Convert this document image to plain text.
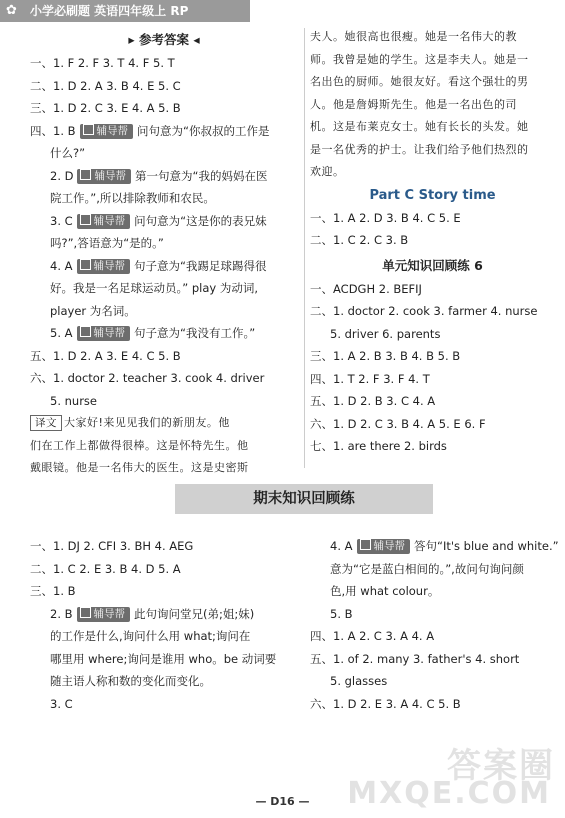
✿	小学必刷题 英语四年级上 RP
▸ 参考答案 ◂
一、1. F 2. F 3. T 4. F 5. T
二、1. D 2. A 3. B 4. E 5. C
三、1. D 2. C 3. E 4. A 5. B
四、1. B 辅导帮 问句意为“你叔叔的工作是
什么?”
2. D 辅导帮 第一句意为“我的妈妈在医
院工作。”,所以排除教师和农民。
3. C 辅导帮 问句意为“这是你的表兄妹
吗?”,答语意为“是的。”
4. A 辅导帮 句子意为“我踢足球踢得很
好。我是一名足球运动员。” play 为动词,
player 为名词。
5. A 辅导帮 句子意为“我没有工作。”
五、1. D 2. A 3. E 4. C 5. B
六、1. doctor 2. teacher 3. cook 4. driver
5. nurse
译文 大家好!来见见我们的新朋友。他
们在工作上都做得很棒。这是怀特先生。他
戴眼镜。他是一名伟大的医生。这是史密斯
夫人。她很高也很瘦。她是一名伟大的教
师。我曾是她的学生。这是李夫人。她是一
名出色的厨师。她很友好。看这个强壮的男
人。他是詹姆斯先生。他是一名出色的司
机。这是布莱克女士。她有长长的头发。她
是一名优秀的护士。让我们给予他们热烈的
欢迎。
Part C Story time
一、1. A 2. D 3. B 4. C 5. E
二、1. C 2. C 3. B
单元知识回顾练 6
一、ACDGH 2. BEFIJ
二、1. doctor 2. cook 3. farmer 4. nurse
5. driver 6. parents
三、1. A 2. B 3. B 4. B 5. B
四、1. T 2. F 3. F 4. T
五、1. D 2. B 3. C 4. A
六、1. D 2. C 3. B 4. A 5. E 6. F
七、1. are there 2. birds
期末知识回顾练
一、1. DJ 2. CFI 3. BH 4. AEG
二、1. C 2. E 3. B 4. D 5. A
三、1. B
2. B 辅导帮 此句询问堂兄(弟;姐;妹)
的工作是什么,询问什么用 what;询问在
哪里用 where;询问是谁用 who。be 动词要
随主语人称和数的变化而变化。
3. C
4. A 辅导帮 答句“It's blue and white.”
意为“它是蓝白相间的。”,故问句询问颜
色,用 what colour。
5. B
四、1. A 2. C 3. A 4. A
五、1. of 2. many 3. father's 4. short
5. glasses
六、1. D 2. E 3. A 4. C 5. B
答案圈
MXQE.COM
— D16 —
